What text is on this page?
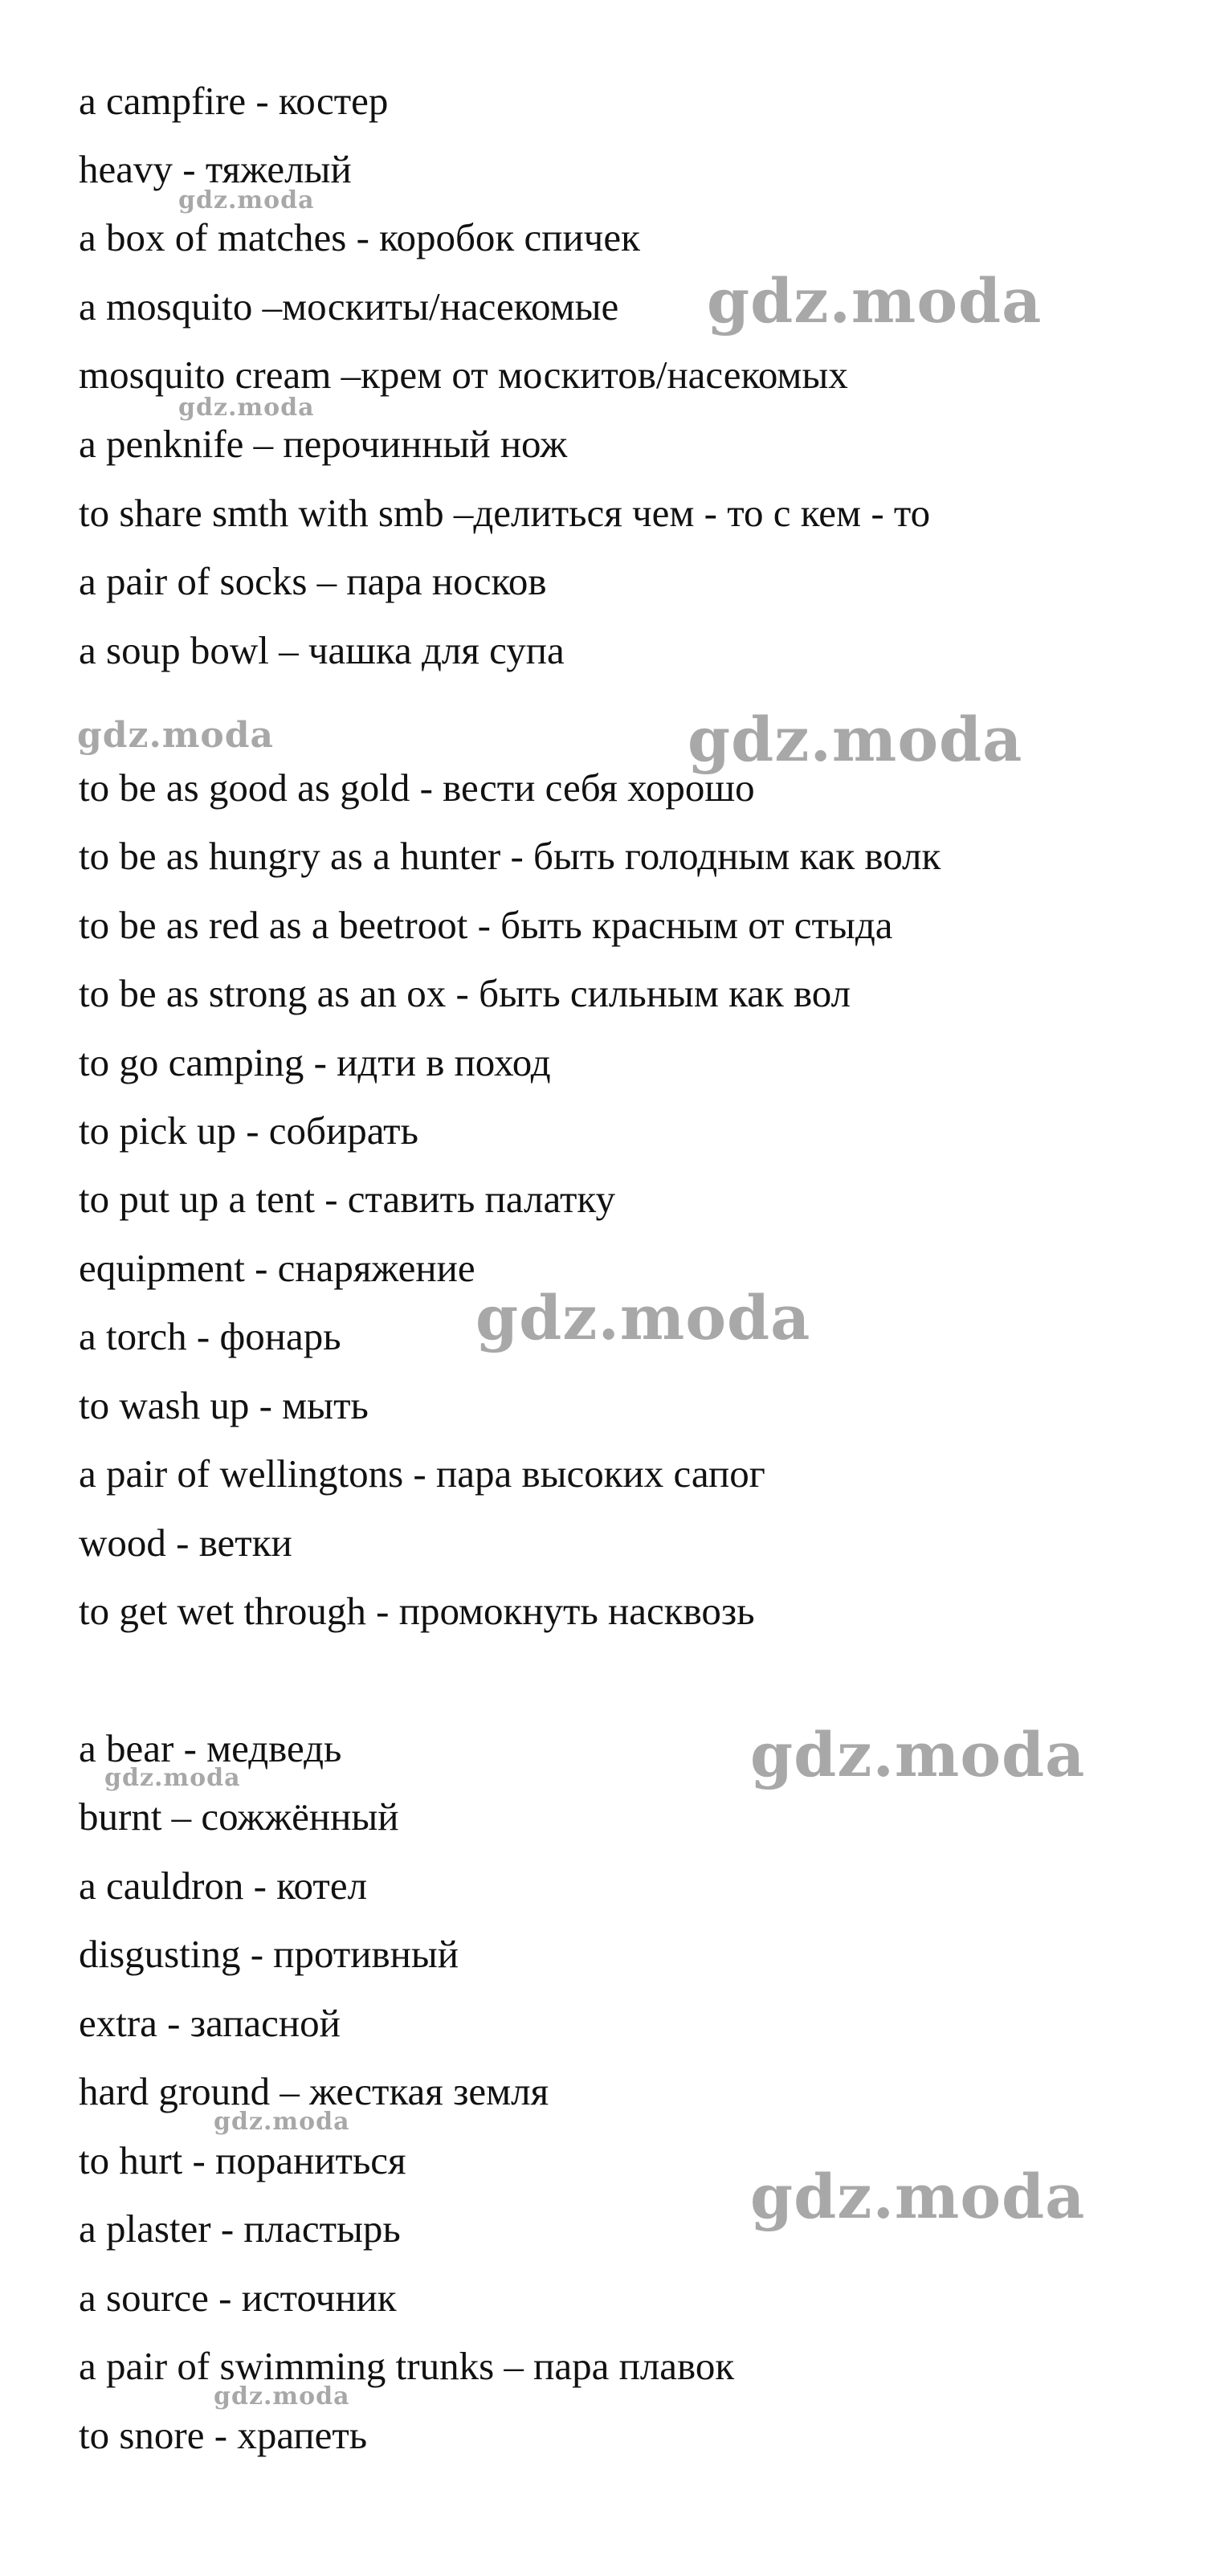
a campfire - костер
heavy - тяжелый
a box of matches - коробок спичек
a mosquito –москиты/насекомые
mosquito cream –крем от москитов/насекомых
a penknife – перочинный нож
to share smth with smb –делиться чем - то с кем - то
a pair of socks – пара носков
a soup bowl – чашка для супа
to be as good as gold - вести себя хорошо
to be as hungry as a hunter - быть голодным как волк
to be as red as a beetroot - быть красным от стыда
to be as strong as an ox - быть сильным как вол
to go camping - идти в поход
to pick up - собирать
to put up a tent - ставить палатку
equipment - снаряжение
a torch - фонарь
to wash up - мыть
a pair of wellingtons - пара высоких сапог
wood - ветки
to get wet through - промокнуть насквозь
a bear - медведь
burnt – сожжённый
a cauldron - котел
disgusting - противный
extra - запасной
hard ground – жесткая земля
to hurt - пораниться
a plaster - пластырь
a source - источник
a pair of swimming trunks – пара плавок
to snore - храпеть
gdz.moda
gdz.moda
gdz.moda
gdz.moda	gdz.moda
gdz.moda
gdz.moda
gdz.moda
gdz.moda
gdz.moda
gdz.moda
